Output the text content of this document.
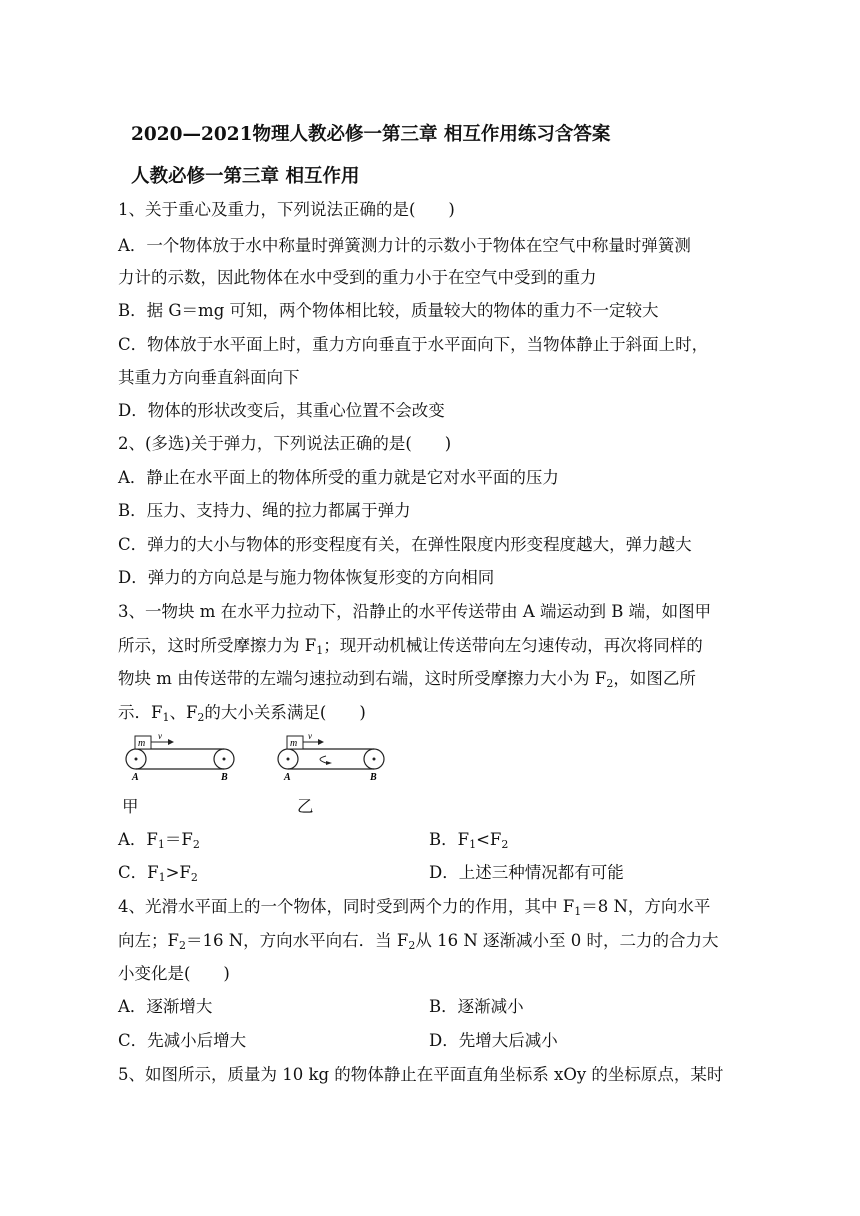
2020—2021物理人教必修一第三章 相互作用练习含答案
人教必修一第三章 相互作用
1、关于重心及重力，下列说法正确的是(　　)
A．一个物体放于水中称量时弹簧测力计的示数小于物体在空气中称量时弹簧测
力计的示数，因此物体在水中受到的重力小于在空气中受到的重力
B．据 G＝mg 可知，两个物体相比较，质量较大的物体的重力不一定较大
C．物体放于水平面上时，重力方向垂直于水平面向下，当物体静止于斜面上时，
其重力方向垂直斜面向下
D．物体的形状改变后，其重心位置不会改变
2、(多选)关于弹力，下列说法正确的是(　　)
A．静止在水平面上的物体所受的重力就是它对水平面的压力
B．压力、支持力、绳的拉力都属于弹力
C．弹力的大小与物体的形变程度有关，在弹性限度内形变程度越大，弹力越大
D．弹力的方向总是与施力物体恢复形变的方向相同
3、一物块 m 在水平力拉动下，沿静止的水平传送带由 A 端运动到 B 端，如图甲
所示，这时所受摩擦力为 $F_1$；现开动机械让传送带向左匀速传动，再次将同样的
物块 m 由传送带的左端匀速拉动到右端，这时所受摩擦力大小为 $F_2$，如图乙所
示．$F_1$、$F_2$的大小关系满足(　　)
m
v
A	B
m
v
A	B
甲	乙
A．$F_1=F_2$	B．$F_1<F_2$
C．$F_1>F_2$	D．上述三种情况都有可能
4、光滑水平面上的一个物体，同时受到两个力的作用，其中 $F_1=8$ N，方向水平
向左；$F_2=16$ N，方向水平向右．当 $F_2$从 16 N 逐渐减小至 0 时，二力的合力大
小变化是(　　)
A．逐渐增大	B．逐渐减小
C．先减小后增大	D．先增大后减小
5、如图所示，质量为 10 kg 的物体静止在平面直角坐标系 xOy 的坐标原点，某时
